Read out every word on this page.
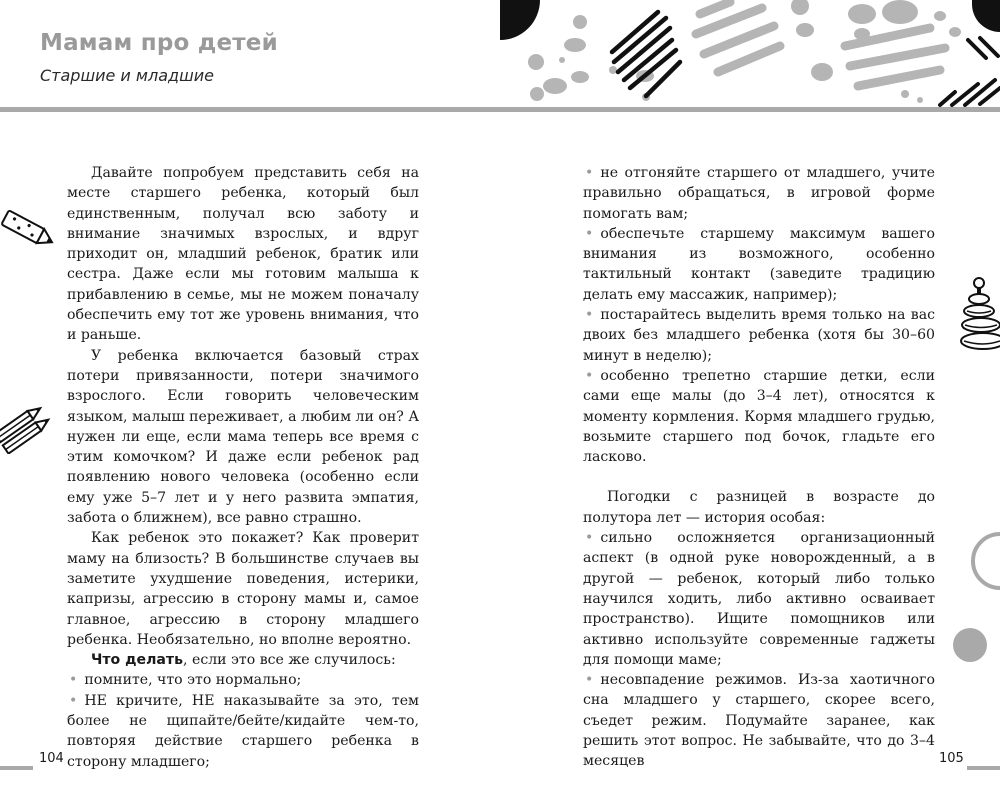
Мамам про детей
Старшие и младшие

Давайте попробуем представить себя на месте старшего ребенка, который был единственным, получал всю заботу и внимание значимых взрослых, и вдруг приходит он, младший ребенок, братик или сестра. Даже если мы готовим малыша к прибавлению в семье, мы не можем поначалу обеспечить ему тот же уровень внимания, что и раньше.

У ребенка включается базовый страх потери привязанности, потери значимого взрослого. Если говорить человеческим языком, малыш переживает, а любим ли он? А нужен ли еще, если мама теперь все время с этим комочком? И даже если ребенок рад появлению нового человека (особенно если ему уже 5–7 лет и у него развита эмпатия, забота о ближнем), все равно страшно.

Как ребенок это покажет? Как проверит маму на близость? В большинстве случаев вы заметите ухудшение поведения, истерики, капризы, агрессию в сторону мамы и, самое главное, агрессию в сторону младшего ребенка. Необязательно, но вполне вероятно.

Что делать, если это все же случилось:

• помните, что это нормально;

• НЕ кричите, НЕ наказывайте за это, тем более не щипайте/бейте/кидайте чем-то, повторяя действие старшего ребенка в сторону младшего;

• не отгоняйте старшего от младшего, учите правильно обращаться, в игровой форме помогать вам;

• обеспечьте старшему максимум вашего внимания из возможного, особенно тактильный контакт (заведите традицию делать ему массажик, например);

• постарайтесь выделить время только на вас двоих без младшего ребенка (хотя бы 30–60 минут в неделю);

• особенно трепетно старшие детки, если сами еще малы (до 3–4 лет), относятся к моменту кормления. Кормя младшего грудью, возьмите старшего под бочок, гладьте его ласково.

Погодки с разницей в возрасте до полутора лет — история особая:

• сильно осложняется организационный аспект (в одной руке новорожденный, а в другой — ребенок, который либо только научился ходить, либо активно осваивает пространство). Ищите помощников или активно используйте современные гаджеты для помощи маме;

• несовпадение режимов. Из-за хаотичного сна младшего у старшего, скорее всего, съедет режим. Подумайте заранее, как решить этот вопрос. Не забывайте, что до 3–4 месяцев

104	105
